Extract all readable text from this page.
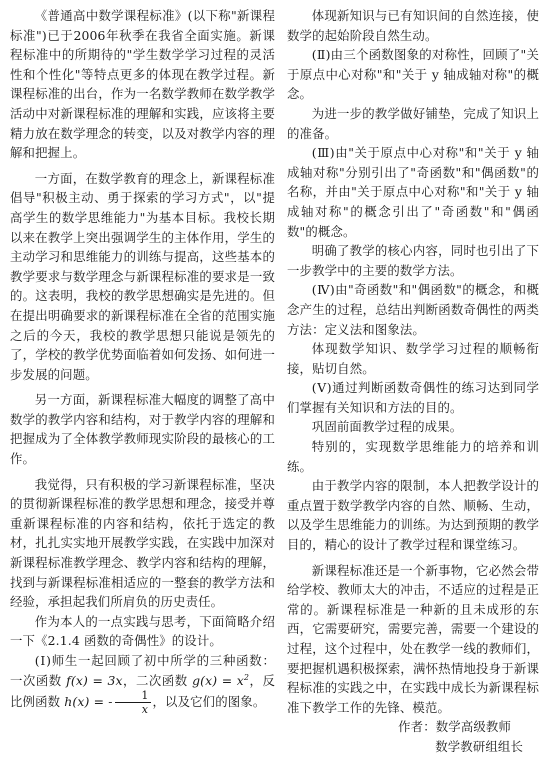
《普通高中数学课程标准》(以下称"新课程标准")已于2006年秋季在我省全面实施。新课程标准中的所期待的"学生数学学习过程的灵活性和个性化"等特点更多的体现在教学过程。新课程标准的出台，作为一名数学教师在数学教学活动中对新课程标准的理解和实践，应该将主要精力放在数学理念的转变，以及对教学内容的理解和把握上。

一方面，在数学教育的理念上，新课程标准倡导"积极主动、勇于探索的学习方式"，以"提高学生的数学思维能力"为基本目标。我校长期以来在教学上突出强调学生的主体作用，学生的主动学习和思维能力的训练与提高，这些基本的教学要求与数学理念与新课程标准的要求是一致的。这表明，我校的教学思想确实是先进的。但在提出明确要求的新课程标准在全省的范围实施之后的今天，我校的教学思想只能说是领先的了，学校的教学优势面临着如何发扬、如何进一步发展的问题。

另一方面，新课程标准大幅度的调整了高中数学的教学内容和结构，对于教学内容的理解和把握成为了全体教学教师现实阶段的最核心的工作。

我觉得，只有积极的学习新课程标准，坚决的贯彻新课程标准的教学思想和理念，接受并尊重新课程标准的内容和结构，依托于选定的教材，扎扎实实地开展教学实践，在实践中加深对新课程标准教学理念、教学内容和结构的理解，找到与新课程标准相适应的一整套的教学方法和经验，承担起我们所肩负的历史责任。

作为本人的一点实践与思考，下面简略介绍一下《2.1.4 函数的奇偶性》的设计。

(Ⅰ)师生一起回顾了初中所学的三种函数：一次函数 f(x) = 3x，二次函数 $g(x) = x^2$，反比例函数 h(x) = - $\frac{1}{x}$ ，以及它们的图象。

体现新知识与已有知识间的自然连接，使数学的起始阶段自然生动。

(Ⅱ)由三个函数图象的对称性，回顾了"关于原点中心对称"和"关于 y 轴成轴对称"的概念。

为进一步的教学做好铺垫，完成了知识上的准备。

(Ⅲ)由"关于原点中心对称"和"关于 y 轴成轴对称"分别引出了"奇函数"和"偶函数"的名称，并由"关于原点中心对称"和"关于 y 轴成轴对称"的概念引出了"奇函数"和"偶函数"的概念。

明确了教学的核心内容，同时也引出了下一步教学中的主要的数学方法。

(Ⅳ)由"奇函数"和"偶函数"的概念，和概念产生的过程，总结出判断函数奇偶性的两类方法：定义法和图象法。

体现数学知识、数学学习过程的顺畅衔接，贴切自然。

(Ⅴ)通过判断函数奇偶性的练习达到同学们掌握有关知识和方法的目的。

巩固前面教学过程的成果。

特别的，实现数学思维能力的培养和训练。

由于教学内容的限制，本人把教学设计的重点置于数学教学内容的自然、顺畅、生动，以及学生思维能力的训练。为达到预期的教学目的，精心的设计了教学过程和课堂练习。

新课程标准还是一个新事物，它必然会带给学校、教师太大的冲击，不适应的过程是正常的。新课程标准是一种新的且未成形的东西，它需要研究，需要完善，需要一个建设的过程，这个过程中，处在教学一线的教师们，要把握机遇积极探索，满怀热情地投身于新课程标准的实践之中，在实践中成长为新课程标准下教学工作的先锋、模范。

作者：数学高级教师

数学教研组组长
